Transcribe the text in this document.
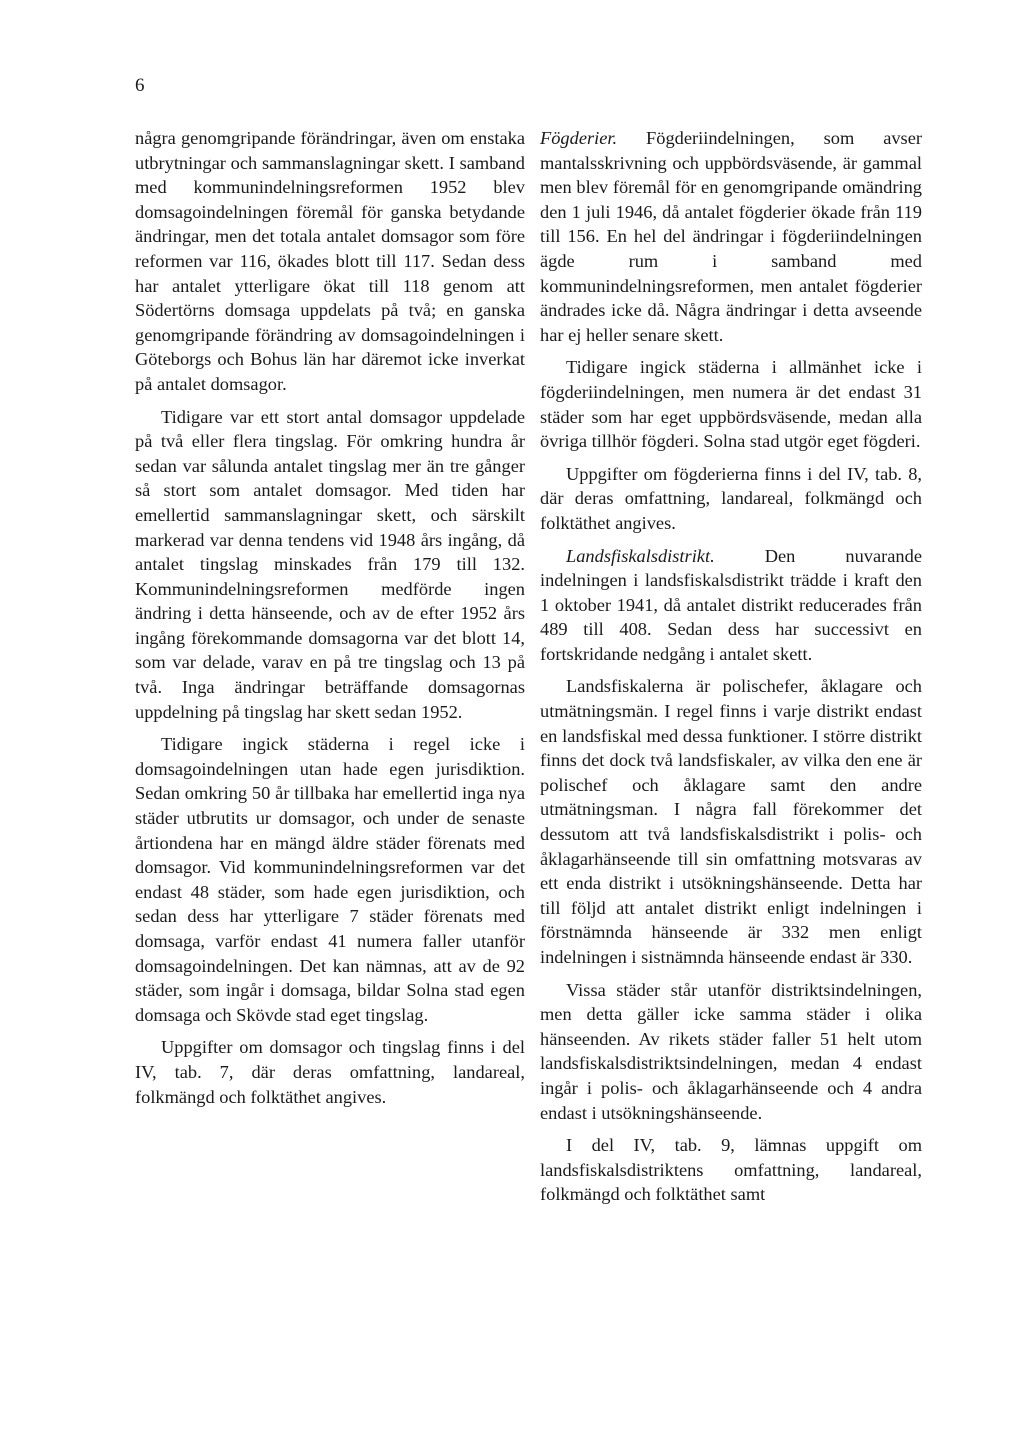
6

några genomgripande förändringar, även om enstaka utbrytningar och sammanslagningar skett. I samband med kommunindelningsreformen 1952 blev domsagoindelningen föremål för ganska betydande ändringar, men det totala antalet domsagor som före reformen var 116, ökades blott till 117. Sedan dess har antalet ytterligare ökat till 118 genom att Södertörns domsaga uppdelats på två; en ganska genomgripande förändring av domsagoindelningen i Göteborgs och Bohus län har däremot icke inverkat på antalet domsagor.

Tidigare var ett stort antal domsagor uppdelade på två eller flera tingslag. För omkring hundra år sedan var sålunda antalet tingslag mer än tre gånger så stort som antalet domsagor. Med tiden har emellertid sammanslagningar skett, och särskilt markerad var denna tendens vid 1948 års ingång, då antalet tingslag minskades från 179 till 132. Kommunindelningsreformen medförde ingen ändring i detta hänseende, och av de efter 1952 års ingång förekommande domsagorna var det blott 14, som var delade, varav en på tre tingslag och 13 på två. Inga ändringar beträffande domsagornas uppdelning på tingslag har skett sedan 1952.

Tidigare ingick städerna i regel icke i domsagoindelningen utan hade egen jurisdiktion. Sedan omkring 50 år tillbaka har emellertid inga nya städer utbrutits ur domsagor, och under de senaste årtiondena har en mängd äldre städer förenats med domsagor. Vid kommunindelningsreformen var det endast 48 städer, som hade egen jurisdiktion, och sedan dess har ytterligare 7 städer förenats med domsaga, varför endast 41 numera faller utanför domsagoindelningen. Det kan nämnas, att av de 92 städer, som ingår i domsaga, bildar Solna stad egen domsaga och Skövde stad eget tingslag.

Uppgifter om domsagor och tingslag finns i del IV, tab. 7, där deras omfattning, landareal, folkmängd och folktäthet angives.

Fögderier. Fögderiindelningen, som avser mantalsskrivning och uppbördsväsende, är gammal men blev föremål för en genomgripande omändring den 1 juli 1946, då antalet fögderier ökade från 119 till 156. En hel del ändringar i fögderiindelningen ägde rum i samband med kommunindelningsreformen, men antalet fögderier ändrades icke då. Några ändringar i detta avseende har ej heller senare skett.

Tidigare ingick städerna i allmänhet icke i fögderiindelningen, men numera är det endast 31 städer som har eget uppbördsväsende, medan alla övriga tillhör fögderi. Solna stad utgör eget fögderi.

Uppgifter om fögderierna finns i del IV, tab. 8, där deras omfattning, landareal, folkmängd och folktäthet angives.

Landsfiskalsdistrikt. Den nuvarande indelningen i landsfiskalsdistrikt trädde i kraft den 1 oktober 1941, då antalet distrikt reducerades från 489 till 408. Sedan dess har successivt en fortskridande nedgång i antalet skett.

Landsfiskalerna är polischefer, åklagare och utmätningsmän. I regel finns i varje distrikt endast en landsfiskal med dessa funktioner. I större distrikt finns det dock två landsfiskaler, av vilka den ene är polischef och åklagare samt den andre utmätningsman. I några fall förekommer det dessutom att två landsfiskalsdistrikt i polis- och åklagarhänseende till sin omfattning motsvaras av ett enda distrikt i utsökningshänseende. Detta har till följd att antalet distrikt enligt indelningen i förstnämnda hänseende är 332 men enligt indelningen i sistnämnda hänseende endast är 330.

Vissa städer står utanför distriktsindelningen, men detta gäller icke samma städer i olika hänseenden. Av rikets städer faller 51 helt utom landsfiskalsdistriktsindelningen, medan 4 endast ingår i polis- och åklagarhänseende och 4 andra endast i utsökningshänseende.

I del IV, tab. 9, lämnas uppgift om landsfiskalsdistriktens omfattning, landareal, folkmängd och folktäthet samt
